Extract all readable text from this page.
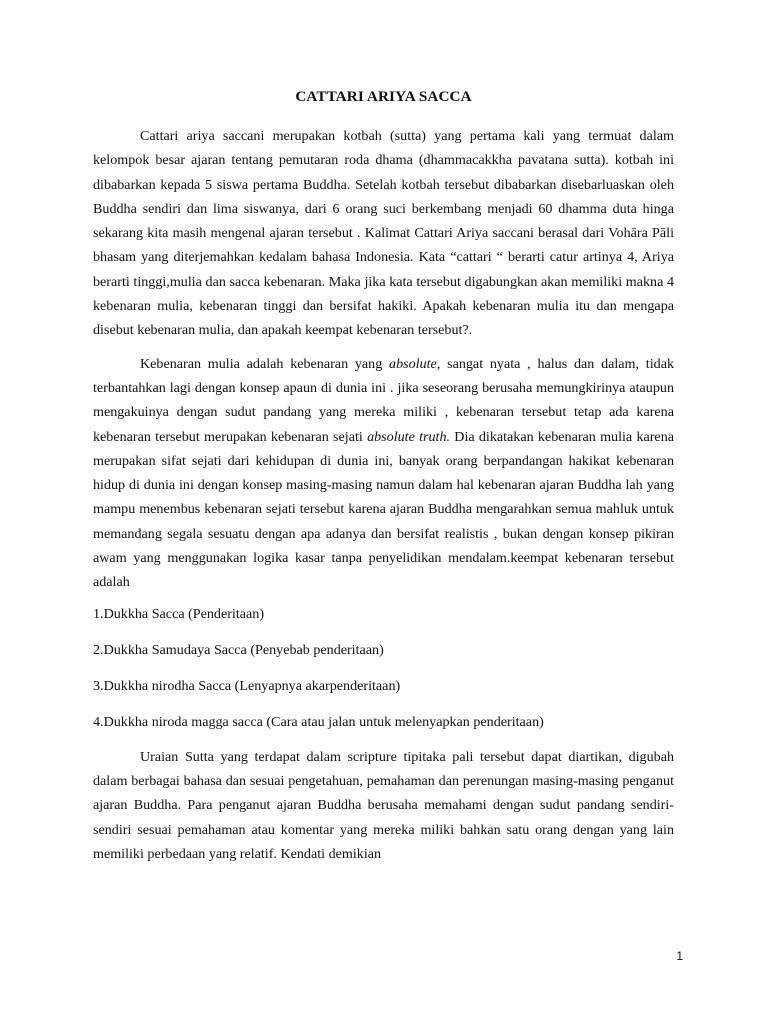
CATTARI ARIYA SACCA

Cattari ariya saccani merupakan kotbah (sutta) yang pertama kali yang termuat dalam kelompok besar ajaran tentang pemutaran roda dhama (dhammacakkha pavatana sutta). kotbah ini dibabarkan kepada 5 siswa pertama Buddha. Setelah kotbah tersebut dibabarkan disebarluaskan oleh Buddha sendiri dan lima siswanya, dari 6 orang suci berkembang menjadi 60 dhamma duta hinga sekarang kita masih mengenal ajaran tersebut . Kalimat Cattari Ariya saccani berasal dari Vohāra Pāli bhasam yang diterjemahkan kedalam bahasa Indonesia. Kata “cattari “ berarti catur artinya 4, Ariya berarti tinggi,mulia dan sacca kebenaran. Maka jika kata tersebut digabungkan akan memiliki makna 4 kebenaran mulia, kebenaran tinggi dan bersifat hakiki. Apakah kebenaran mulia itu dan mengapa disebut kebenaran mulia, dan apakah keempat kebenaran tersebut?.

Kebenaran mulia adalah kebenaran yang absolute, sangat nyata , halus dan dalam, tidak terbantahkan lagi dengan konsep apaun di dunia ini . jika seseorang berusaha memungkirinya ataupun mengakuinya dengan sudut pandang yang mereka miliki , kebenaran tersebut tetap ada karena kebenaran tersebut merupakan kebenaran sejati absolute truth. Dia dikatakan kebenaran mulia karena merupakan sifat sejati dari kehidupan di dunia ini, banyak orang berpandangan hakikat kebenaran hidup di dunia ini dengan konsep masing-masing namun dalam hal kebenaran ajaran Buddha lah yang mampu menembus kebenaran sejati tersebut karena ajaran Buddha mengarahkan semua mahluk untuk memandang segala sesuatu dengan apa adanya dan bersifat realistis , bukan dengan konsep pikiran awam yang menggunakan logika kasar tanpa penyelidikan mendalam.keempat kebenaran tersebut adalah

1.Dukkha Sacca (Penderitaan)
2.Dukkha Samudaya Sacca (Penyebab penderitaan)
3.Dukkha nirodha Sacca (Lenyapnya akarpenderitaan)
4.Dukkha niroda magga sacca (Cara atau jalan untuk melenyapkan penderitaan)

Uraian Sutta yang terdapat dalam scripture tipitaka pali tersebut dapat diartikan, digubah dalam berbagai bahasa dan sesuai pengetahuan, pemahaman dan perenungan masing-masing penganut ajaran Buddha. Para penganut ajaran Buddha berusaha memahami dengan sudut pandang sendiri-sendiri sesuai pemahaman atau komentar yang mereka miliki bahkan satu orang dengan yang lain memiliki perbedaan yang relatif. Kendati demikian

1
